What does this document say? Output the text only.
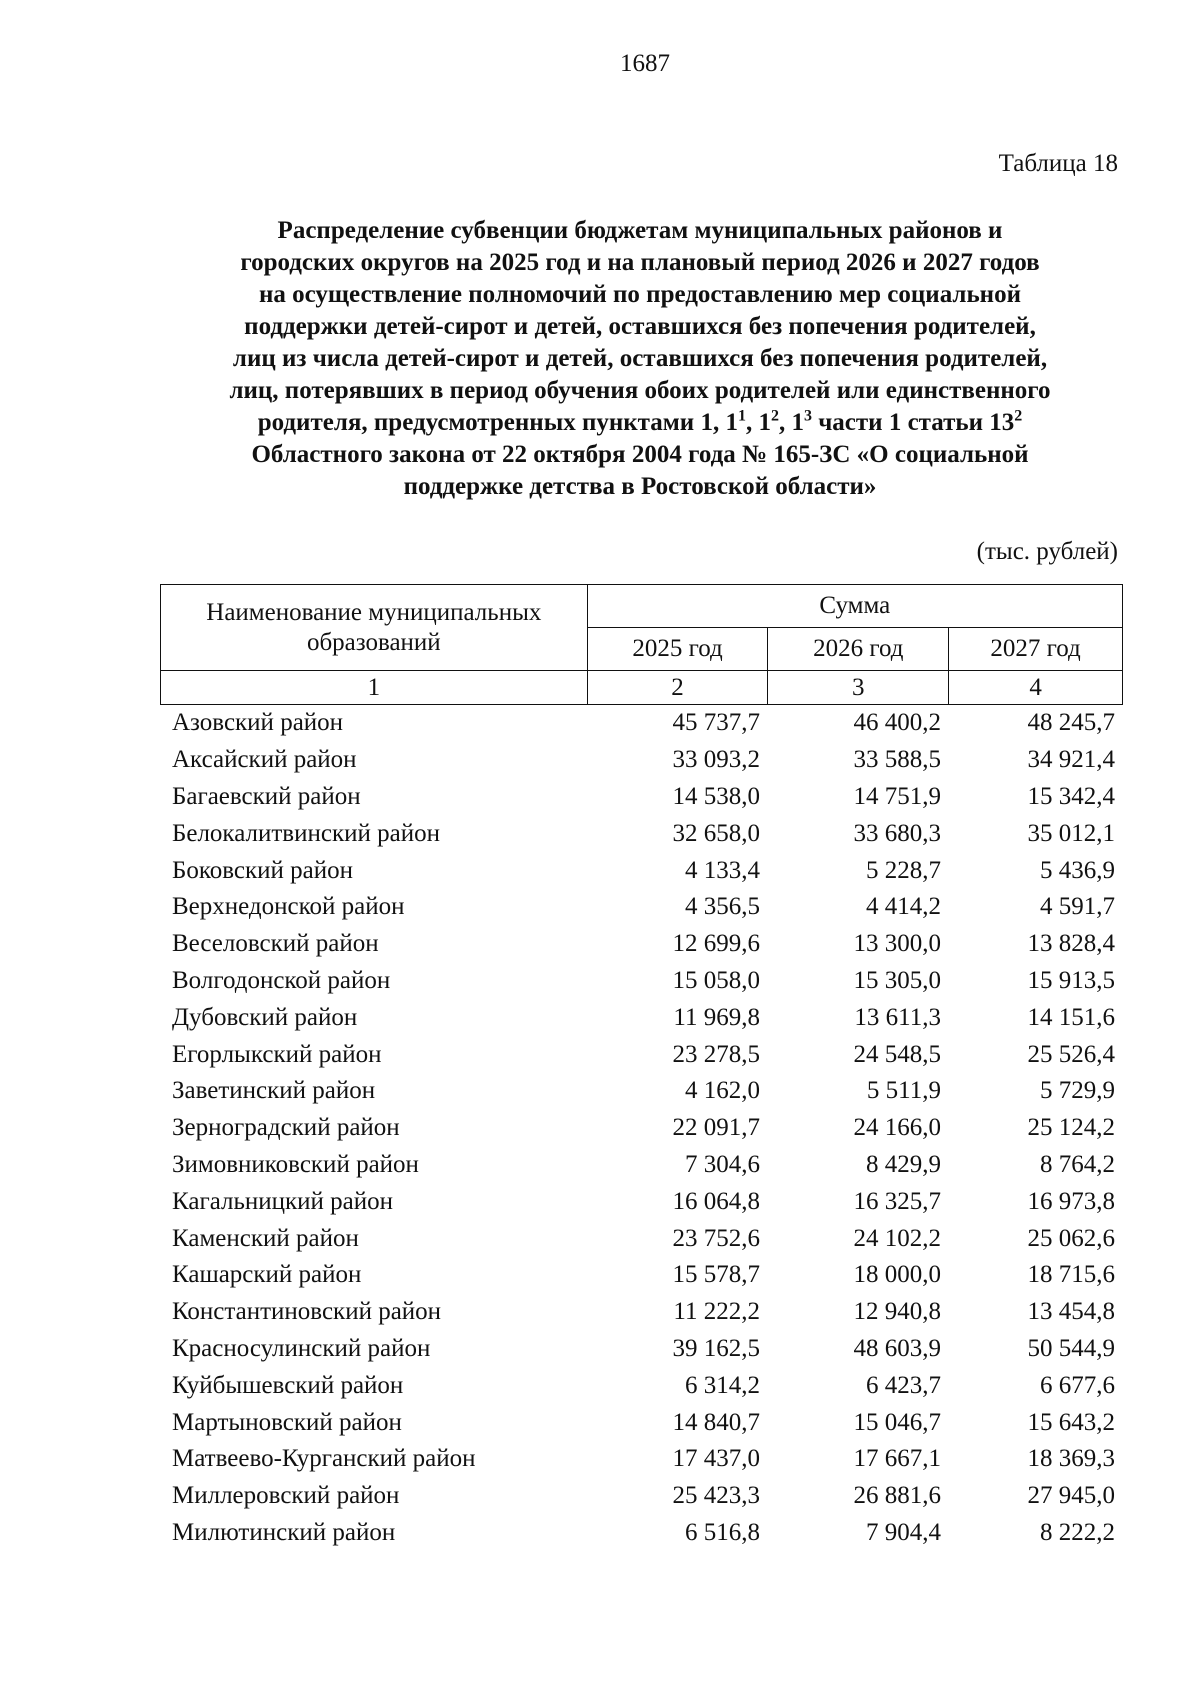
1687
Таблица 18
Распределение субвенции бюджетам муниципальных районов и
городских округов на 2025 год и на плановый период 2026 и 2027 годов
на осуществление полномочий по предоставлению мер социальной
поддержки детей-сирот и детей, оставшихся без попечения родителей,
лиц из числа детей-сирот и детей, оставшихся без попечения родителей,
лиц, потерявших в период обучения обоих родителей или единственного
родителя, предусмотренных пунктами 1, $1^1$, $1^2$, $1^3$ части 1 статьи $13^2$
Областного закона от 22 октября 2004 года № 165-ЗС «О социальной
поддержке детства в Ростовской области»
(тыс. рублей)
Наименование муниципальных образований	Сумма		
	2025 год	2026 год	2027 год
1	2	3	4
Азовский район	45 737,7	46 400,2	48 245,7
Аксайский район	33 093,2	33 588,5	34 921,4
Багаевский район	14 538,0	14 751,9	15 342,4
Белокалитвинский район	32 658,0	33 680,3	35 012,1
Боковский район	4 133,4	5 228,7	5 436,9
Верхнедонской район	4 356,5	4 414,2	4 591,7
Веселовский район	12 699,6	13 300,0	13 828,4
Волгодонской район	15 058,0	15 305,0	15 913,5
Дубовский район	11 969,8	13 611,3	14 151,6
Егорлыкский район	23 278,5	24 548,5	25 526,4
Заветинский район	4 162,0	5 511,9	5 729,9
Зерноградский район	22 091,7	24 166,0	25 124,2
Зимовниковский район	7 304,6	8 429,9	8 764,2
Кагальницкий район	16 064,8	16 325,7	16 973,8
Каменский район	23 752,6	24 102,2	25 062,6
Кашарский район	15 578,7	18 000,0	18 715,6
Константиновский район	11 222,2	12 940,8	13 454,8
Красносулинский район	39 162,5	48 603,9	50 544,9
Куйбышевский район	6 314,2	6 423,7	6 677,6
Мартыновский район	14 840,7	15 046,7	15 643,2
Матвеево-Курганский район	17 437,0	17 667,1	18 369,3
Миллеровский район	25 423,3	26 881,6	27 945,0
Милютинский район	6 516,8	7 904,4	8 222,2
